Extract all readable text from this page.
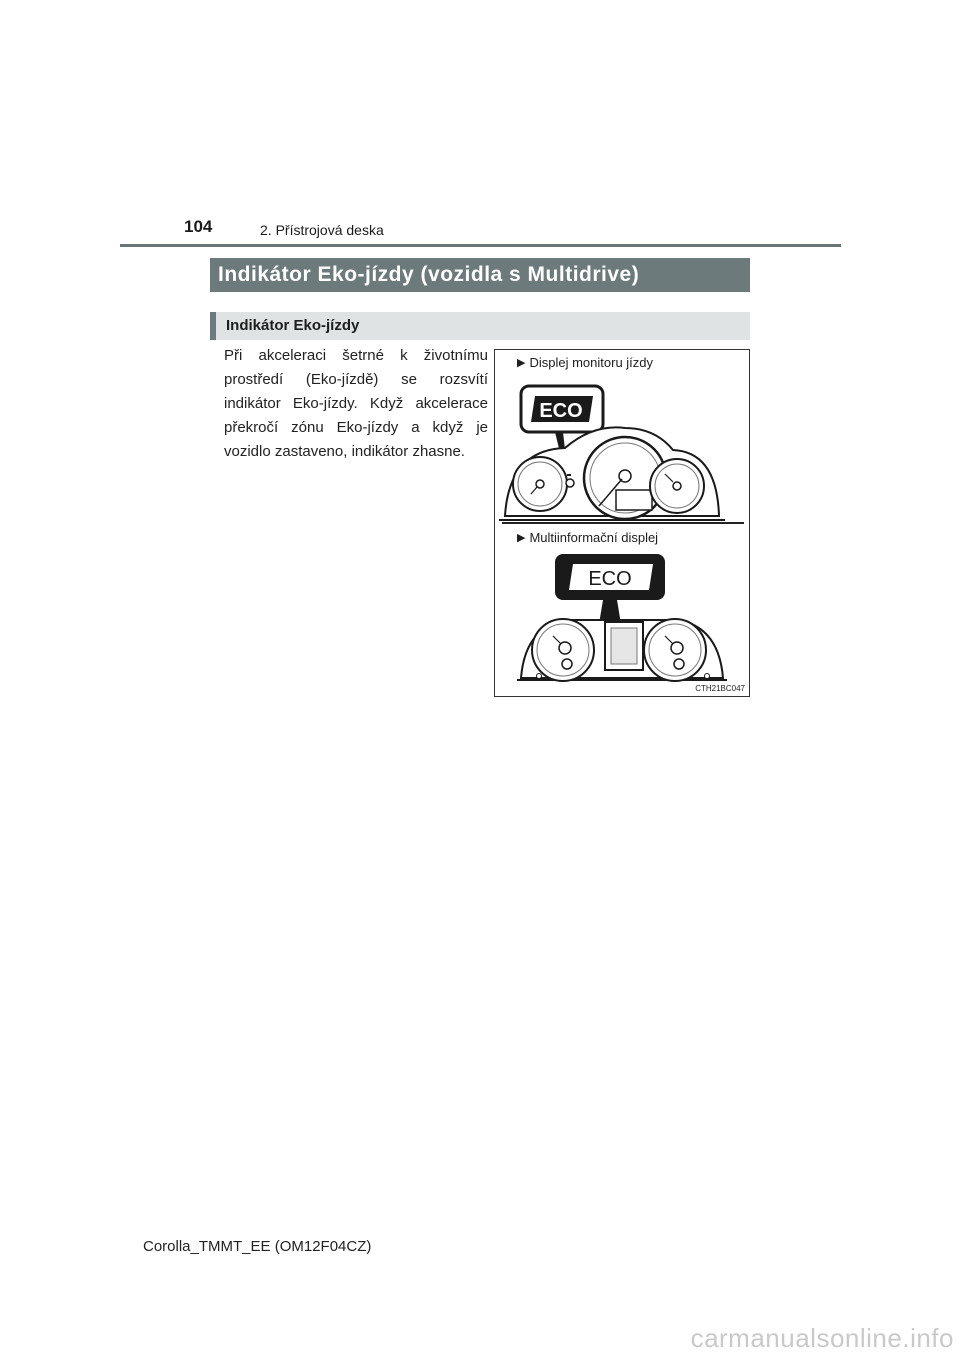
104	2. Přístrojová deska
Indikátor Eko-jízdy (vozidla s Multidrive)
Indikátor Eko-jízdy
Při akceleraci šetrné k životnímu prostředí (Eko-jízdě) se rozsvítí indikátor Eko-jízdy. Když akcelerace překročí zónu Eko-jízdy a když je vozidlo zastaveno, indikátor zhasne.
▶ Displej monitoru jízdy
ECO
▶ Multiinformační displej
ECO
CTH21BC047
Corolla_TMMT_EE (OM12F04CZ)
carmanualsonline.info
